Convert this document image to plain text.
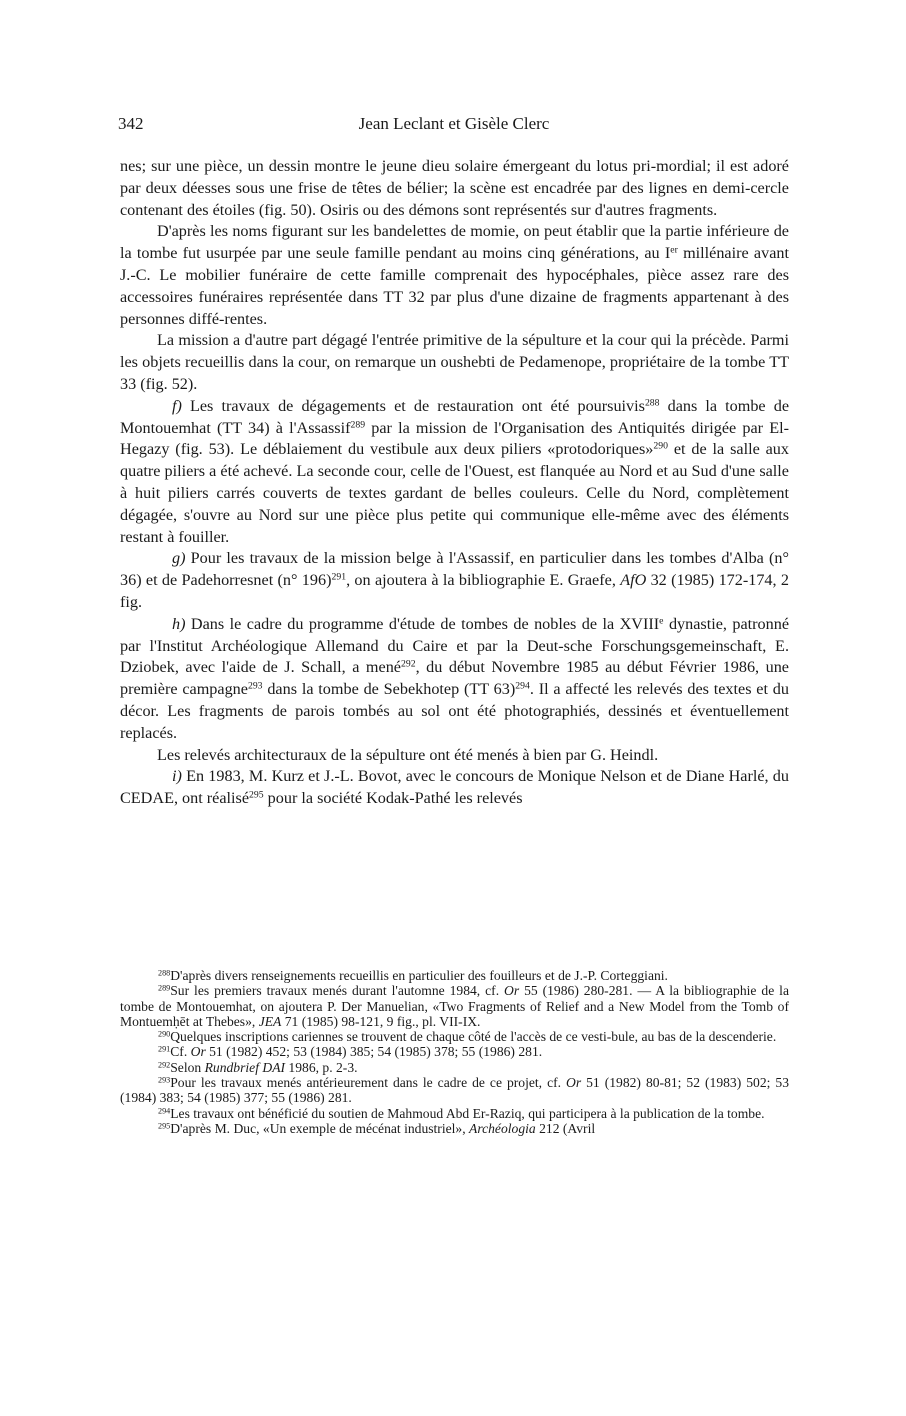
342	Jean Leclant et Gisèle Clerc

nes; sur une pièce, un dessin montre le jeune dieu solaire émergeant du lotus pri-mordial; il est adoré par deux déesses sous une frise de têtes de bélier; la scène est encadrée par des lignes en demi-cercle contenant des étoiles (fig. 50). Osiris ou des démons sont représentés sur d'autres fragments.

D'après les noms figurant sur les bandelettes de momie, on peut établir que la partie inférieure de la tombe fut usurpée par une seule famille pendant au moins cinq générations, au Ier millénaire avant J.-C. Le mobilier funéraire de cette famille comprenait des hypocéphales, pièce assez rare des accessoires funéraires représentée dans TT 32 par plus d'une dizaine de fragments appartenant à des personnes diffé-rentes.

La mission a d'autre part dégagé l'entrée primitive de la sépulture et la cour qui la précède. Parmi les objets recueillis dans la cour, on remarque un oushebti de Pedamenope, propriétaire de la tombe TT 33 (fig. 52).

f) Les travaux de dégagements et de restauration ont été poursuivis$^{288}$ dans la tombe de Montouemhat (TT 34) à l'Assassif$^{289}$ par la mission de l'Organisation des Antiquités dirigée par El-Hegazy (fig. 53). Le déblaiement du vestibule aux deux piliers «protodoriques»$^{290}$ et de la salle aux quatre piliers a été achevé. La seconde cour, celle de l'Ouest, est flanquée au Nord et au Sud d'une salle à huit piliers carrés couverts de textes gardant de belles couleurs. Celle du Nord, complètement dégagée, s'ouvre au Nord sur une pièce plus petite qui communique elle-même avec des éléments restant à fouiller.

g) Pour les travaux de la mission belge à l'Assassif, en particulier dans les tombes d'Alba (n° 36) et de Padehorresnet (n° 196)$^{291}$, on ajoutera à la bibliographie E. Graefe, AfO 32 (1985) 172-174, 2 fig.

h) Dans le cadre du programme d'étude de tombes de nobles de la XVIIIe dynastie, patronné par l'Institut Archéologique Allemand du Caire et par la Deut-sche Forschungsgemeinschaft, E. Dziobek, avec l'aide de J. Schall, a mené$^{292}$, du début Novembre 1985 au début Février 1986, une première campagne$^{293}$ dans la tombe de Sebekhotep (TT 63)$^{294}$. Il a affecté les relevés des textes et du décor. Les fragments de parois tombés au sol ont été photographiés, dessinés et éventuellement replacés.

Les relevés architecturaux de la sépulture ont été menés à bien par G. Heindl.

i) En 1983, M. Kurz et J.-L. Bovot, avec le concours de Monique Nelson et de Diane Harlé, du CEDAE, ont réalisé$^{295}$ pour la société Kodak-Pathé les relevés

$^{288}$D'après divers renseignements recueillis en particulier des fouilleurs et de J.-P. Corteggiani.

$^{289}$Sur les premiers travaux menés durant l'automne 1984, cf. Or 55 (1986) 280-281. — A la bibliographie de la tombe de Montouemhat, on ajoutera P. Der Manuelian, «Two Fragments of Relief and a New Model from the Tomb of Montuemḥēt at Thebes», JEA 71 (1985) 98-121, 9 fig., pl. VII-IX.

$^{290}$Quelques inscriptions cariennes se trouvent de chaque côté de l'accès de ce vesti-bule, au bas de la descenderie.

$^{291}$Cf. Or 51 (1982) 452; 53 (1984) 385; 54 (1985) 378; 55 (1986) 281.

$^{292}$Selon Rundbrief DAI 1986, p. 2-3.

$^{293}$Pour les travaux menés antérieurement dans le cadre de ce projet, cf. Or 51 (1982) 80-81; 52 (1983) 502; 53 (1984) 383; 54 (1985) 377; 55 (1986) 281.

$^{294}$Les travaux ont bénéficié du soutien de Mahmoud Abd Er-Raziq, qui participera à la publication de la tombe.

$^{295}$D'après M. Duc, «Un exemple de mécénat industriel», Archéologia 212 (Avril
